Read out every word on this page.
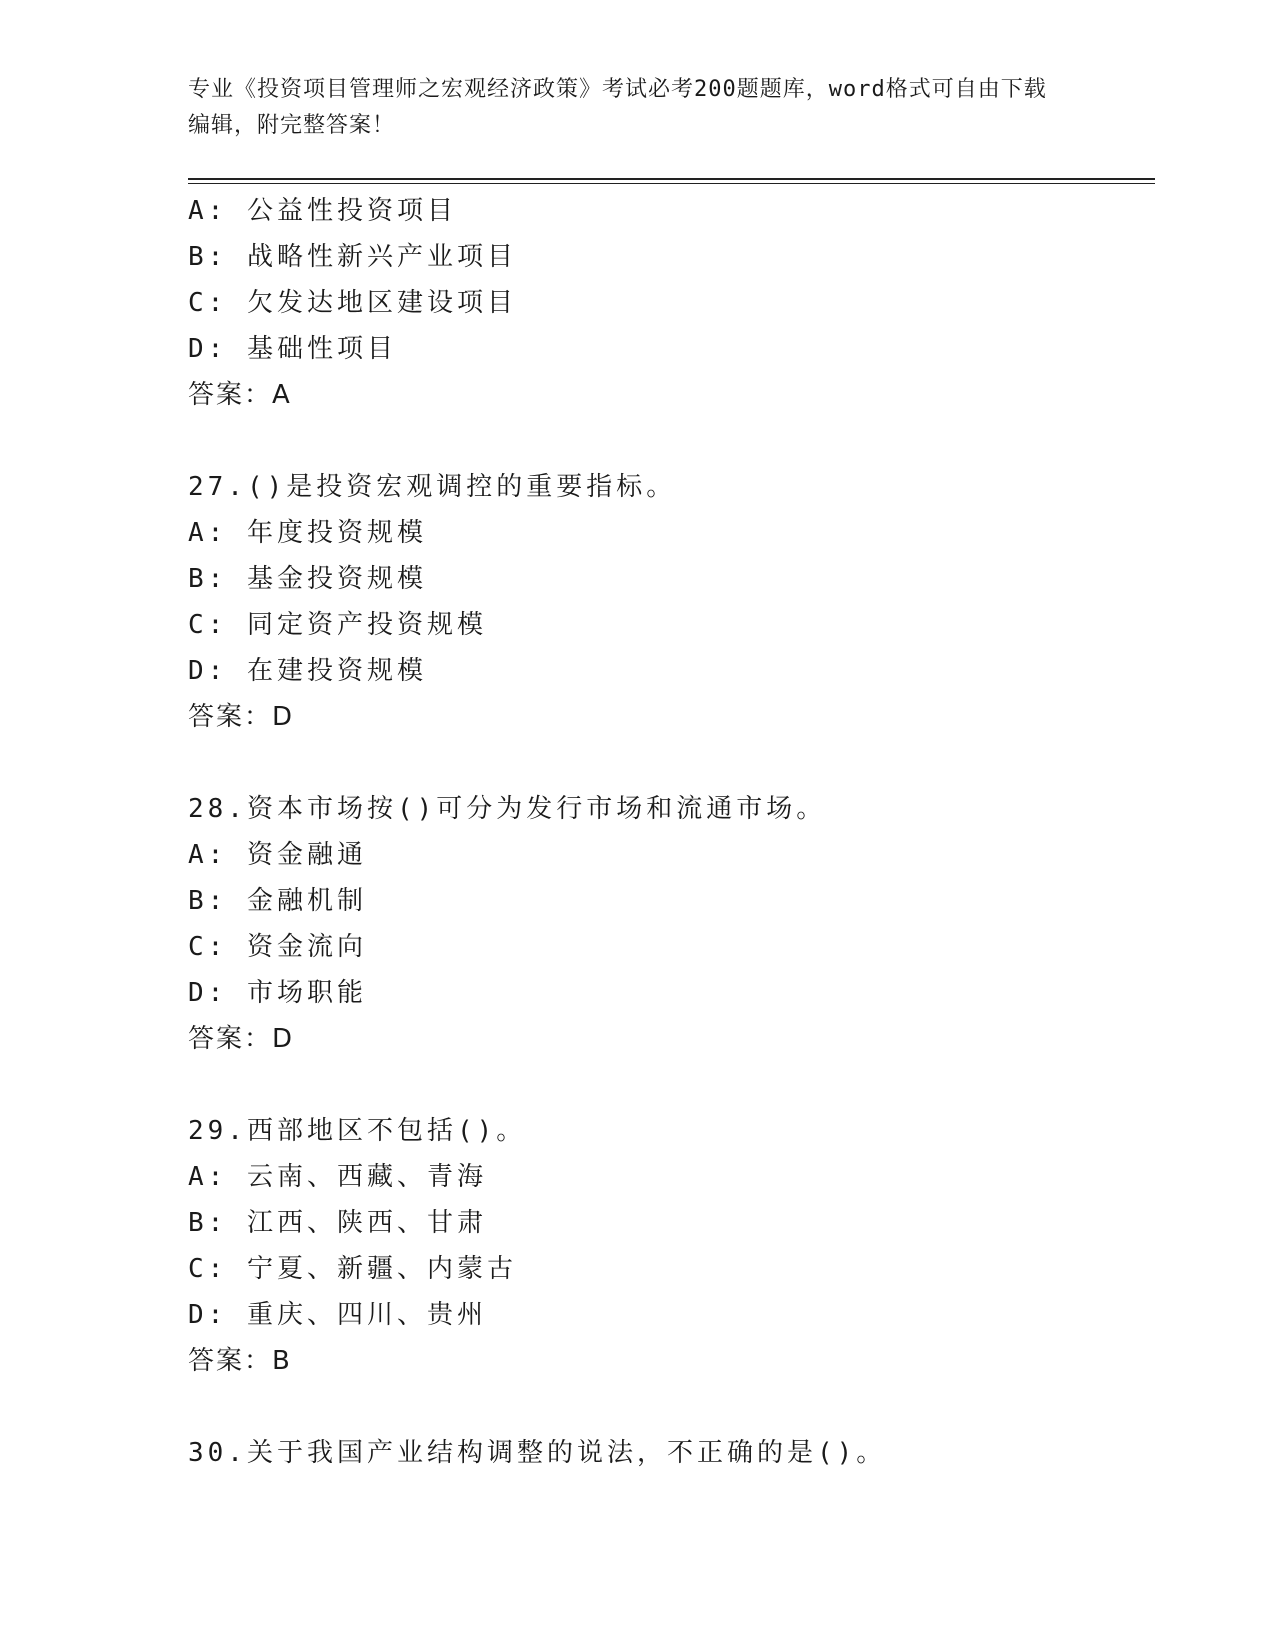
专业《投资项目管理师之宏观经济政策》考试必考200题题库，word格式可自由下载编辑，附完整答案！
A: 公益性投资项目
B: 战略性新兴产业项目
C: 欠发达地区建设项目
D: 基础性项目
答案：A
27.()是投资宏观调控的重要指标。
A: 年度投资规模
B: 基金投资规模
C: 同定资产投资规模
D: 在建投资规模
答案：D
28.资本市场按()可分为发行市场和流通市场。
A: 资金融通
B: 金融机制
C: 资金流向
D: 市场职能
答案：D
29.西部地区不包括()。
A: 云南、西藏、青海
B: 江西、陕西、甘肃
C: 宁夏、新疆、内蒙古
D: 重庆、四川、贵州
答案：B
30.关于我国产业结构调整的说法，不正确的是()。
